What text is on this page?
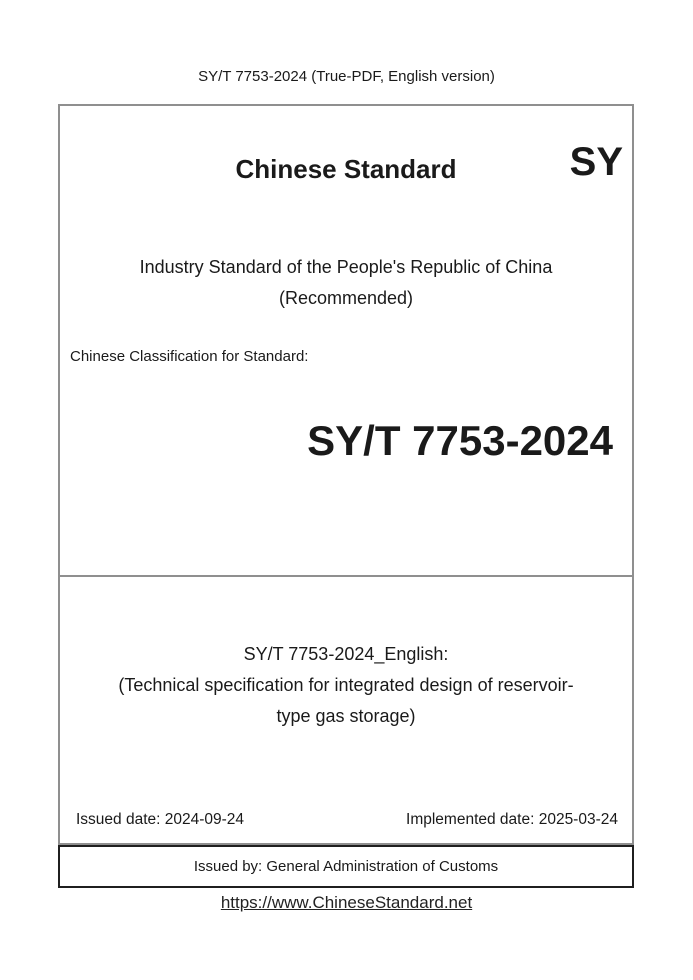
SY/T 7753-2024 (True-PDF, English version)
Chinese Standard	SY
Industry Standard of the People's Republic of China
(Recommended)
Chinese Classification for Standard:
SY/T 7753-2024
SY/T 7753-2024_English:
(Technical specification for integrated design of reservoir-
type gas storage)
Issued date: 2024-09-24	Implemented date: 2025-03-24
Issued by: General Administration of Customs
https://www.ChineseStandard.net
